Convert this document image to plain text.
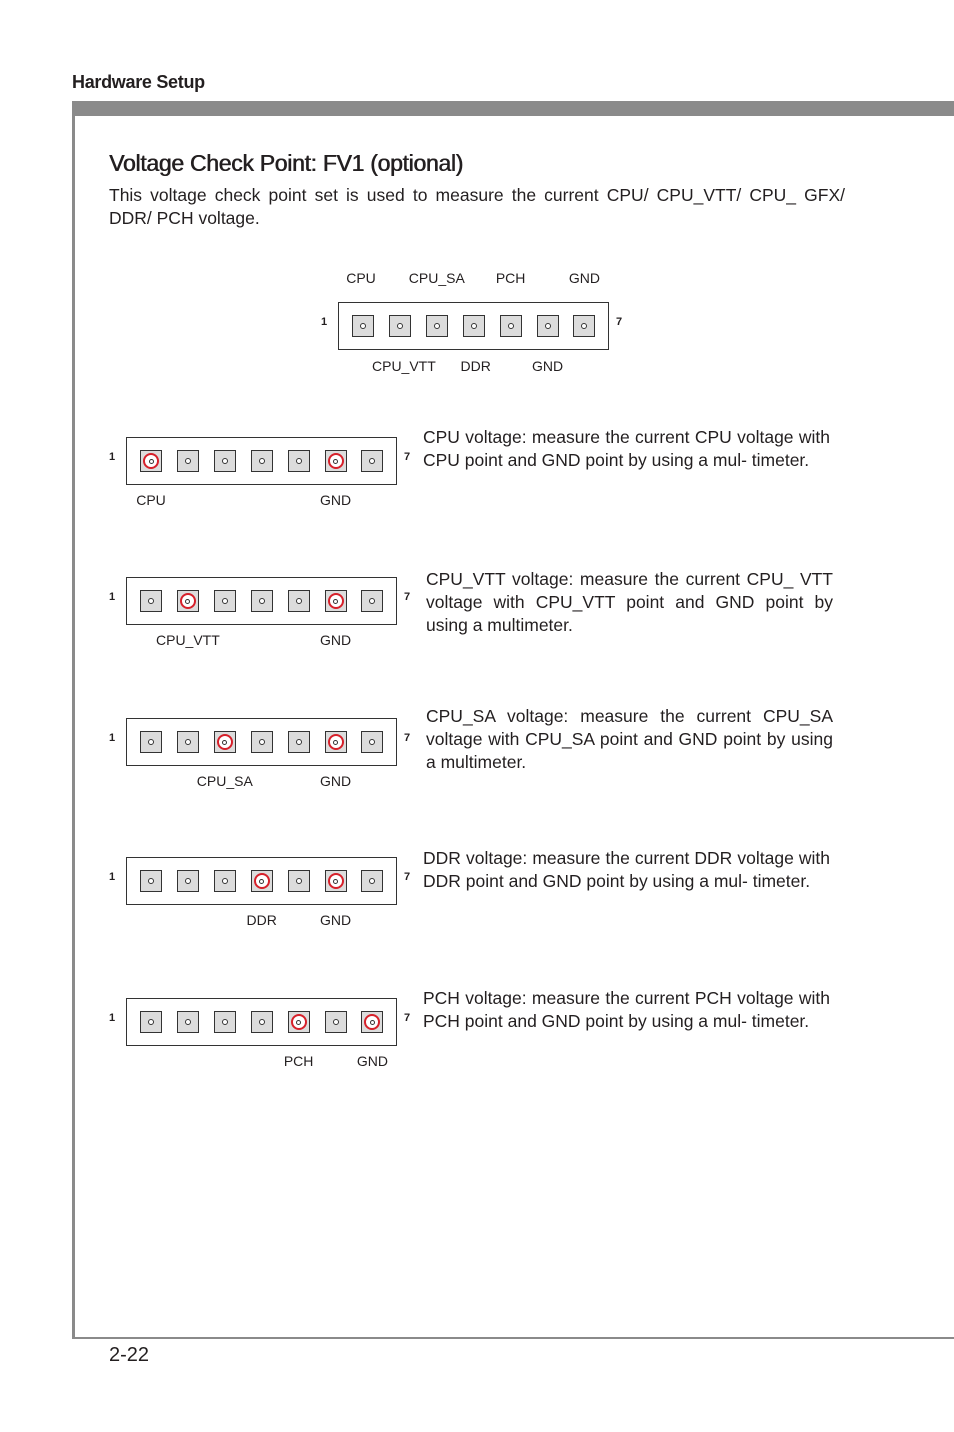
Hardware Setup
2-22
Voltage Check Point: FV1 (optional)
This voltage check point set is used to measure the current CPU/ CPU_VTT/ CPU_ GFX/ DDR/ PCH voltage.
1	7
CPU CPU_SA PCH	GND
CPU_VTT DDR	GND
1	7
CPU	GND
CPU voltage: measure the current CPU voltage with CPU point and GND point by using a mul- timeter.
1	7
CPU_VTT	GND
CPU_VTT voltage: measure the current CPU_ VTT voltage with CPU_VTT point and GND point by using a multimeter.
1	7
CPU_SA	GND
CPU_SA voltage: measure the current CPU_SA voltage with CPU_SA point and GND point by using a multimeter.
1	7
DDR	GND
DDR voltage: measure the current DDR voltage with DDR point and GND point by using a mul- timeter.
1	7
PCH	GND
PCH voltage: measure the current PCH voltage with PCH point and GND point by using a mul- timeter.
